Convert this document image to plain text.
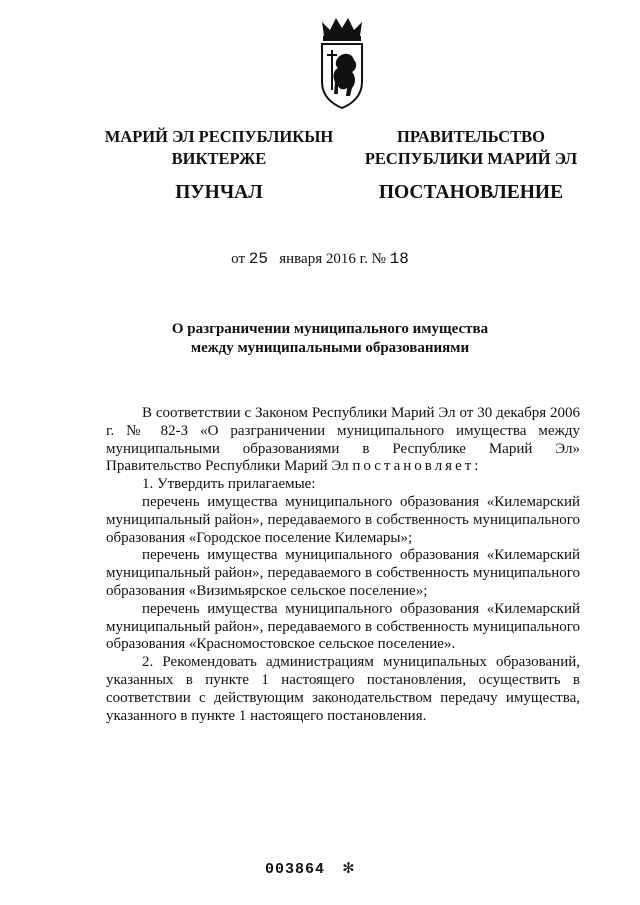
МАРИЙ ЭЛ РЕСПУБЛИКЫН
ВИКТЕРЖЕ
ПУНЧАЛ
ПРАВИТЕЛЬСТВО
РЕСПУБЛИКИ МАРИЙ ЭЛ
ПОСТАНОВЛЕНИЕ
от 25 января 2016 г. № 18
О разграничении муниципального имущества
между муниципальными образованиями

В соответствии с Законом Республики Марий Эл от 30 декабря 2006 г. № 82-З «О разграничении муниципального имущества между муниципальными образованиями в Республике Марий Эл» Правительство Республики Марий Эл постановляет:

1. Утвердить прилагаемые:

перечень имущества муниципального образования «Килемарский муниципальный район», передаваемого в собственность муниципального образования «Городское поселение Килемары»;

перечень имущества муниципального образования «Килемарский муниципальный район», передаваемого в собственность муниципального образования «Визимьярское сельское поселение»;

перечень имущества муниципального образования «Килемарский муниципальный район», передаваемого в собственность муниципального образования «Красномостовское сельское поселение».

2. Рекомендовать администрациям муниципальных образований, указанных в пункте 1 настоящего постановления, осуществить в соответствии с действующим законодательством передачу имущества, указанного в пункте 1 настоящего постановления.

003864 ✻
